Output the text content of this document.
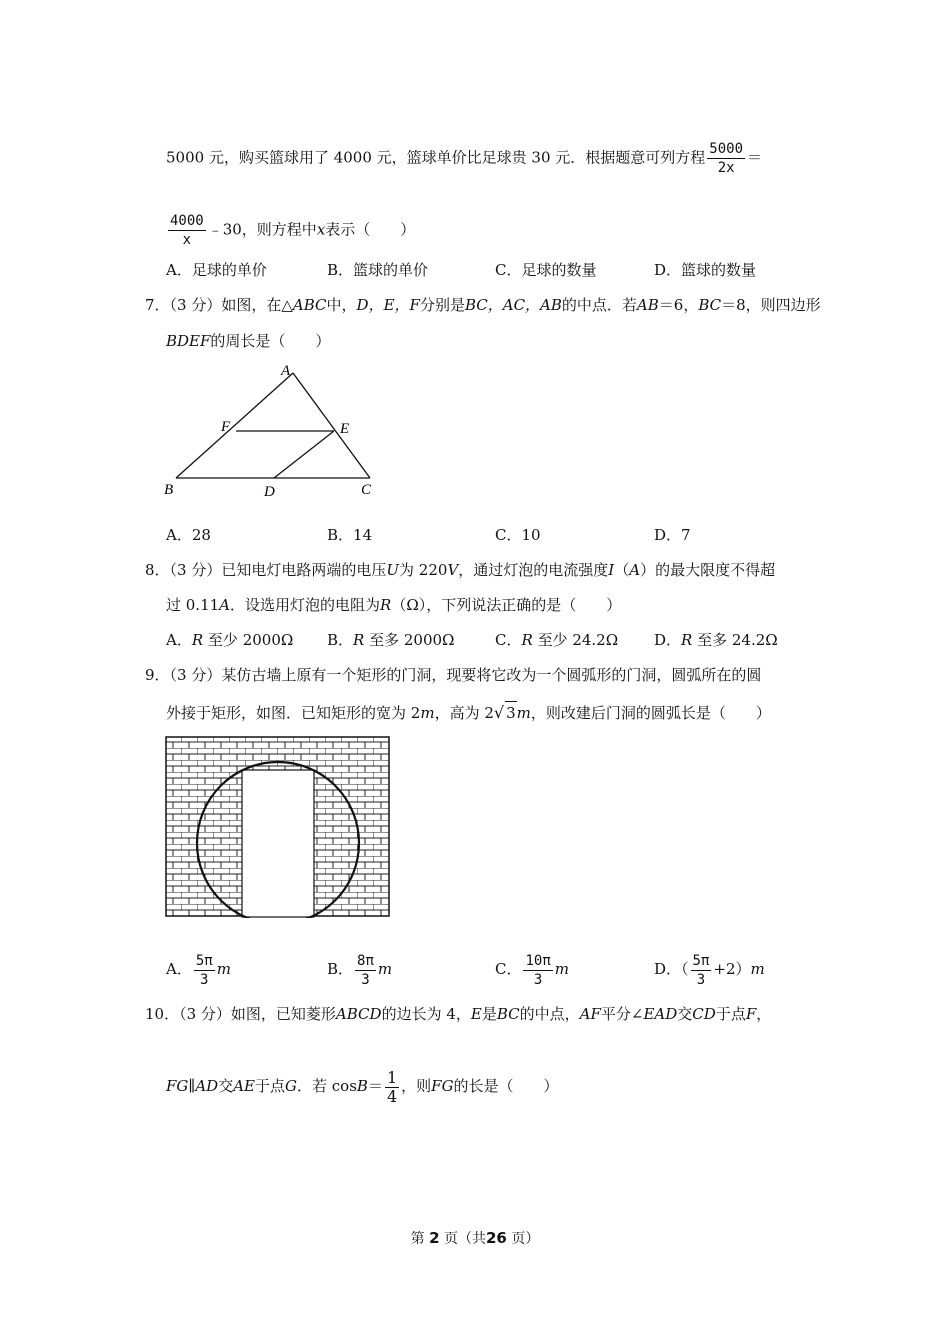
5000 元，购买篮球用了 4000 元，篮球单价比足球贵 30 元．根据题意可列方程 $\frac{5000}{2x}$ ＝
$\frac{4000}{x}$ ﹣30，则方程中x表示（　　）
A．足球的单价	B．篮球的单价	C．足球的数量	D．篮球的数量
7．（3 分）如图，在△ABC中，D，E，F分别是BC，AC，AB的中点．若AB＝6，BC＝8，则四边形
BDEF的周长是（　　）
A
B	C
D
E
F
A．28	B．14	C．10	D．7
8．（3 分）已知电灯电路两端的电压U为 220V，通过灯泡的电流强度I（A）的最大限度不得超
过 0.11A．设选用灯泡的电阻为R（Ω），下列说法正确的是（　　）
A．R 至少 2000Ω B．R 至多 2000Ω	C．R 至少 24.2Ω D．R 至多 24.2Ω
9．（3 分）某仿古墙上原有一个矩形的门洞，现要将它改为一个圆弧形的门洞，圆弧所在的圆
外接于矩形，如图．已知矩形的宽为 2m，高为 2√ 3m，则改建后门洞的圆弧长是（　　）
A． $\frac{5\pi}{3}$ m	B． $\frac{8\pi}{3}$ m	C． $\frac{10\pi}{3}$ m	D．（ $\frac{5\pi}{3} +2)m$
10．（3 分）如图，已知菱形ABCD的边长为 4，E是BC的中点，AF平分∠EAD交CD于点F，
FG∥AD交AE于点G．若 $\cos B= \frac{1}{4}$ ，则FG的长是（　　）
第 2 页（共26 页）
